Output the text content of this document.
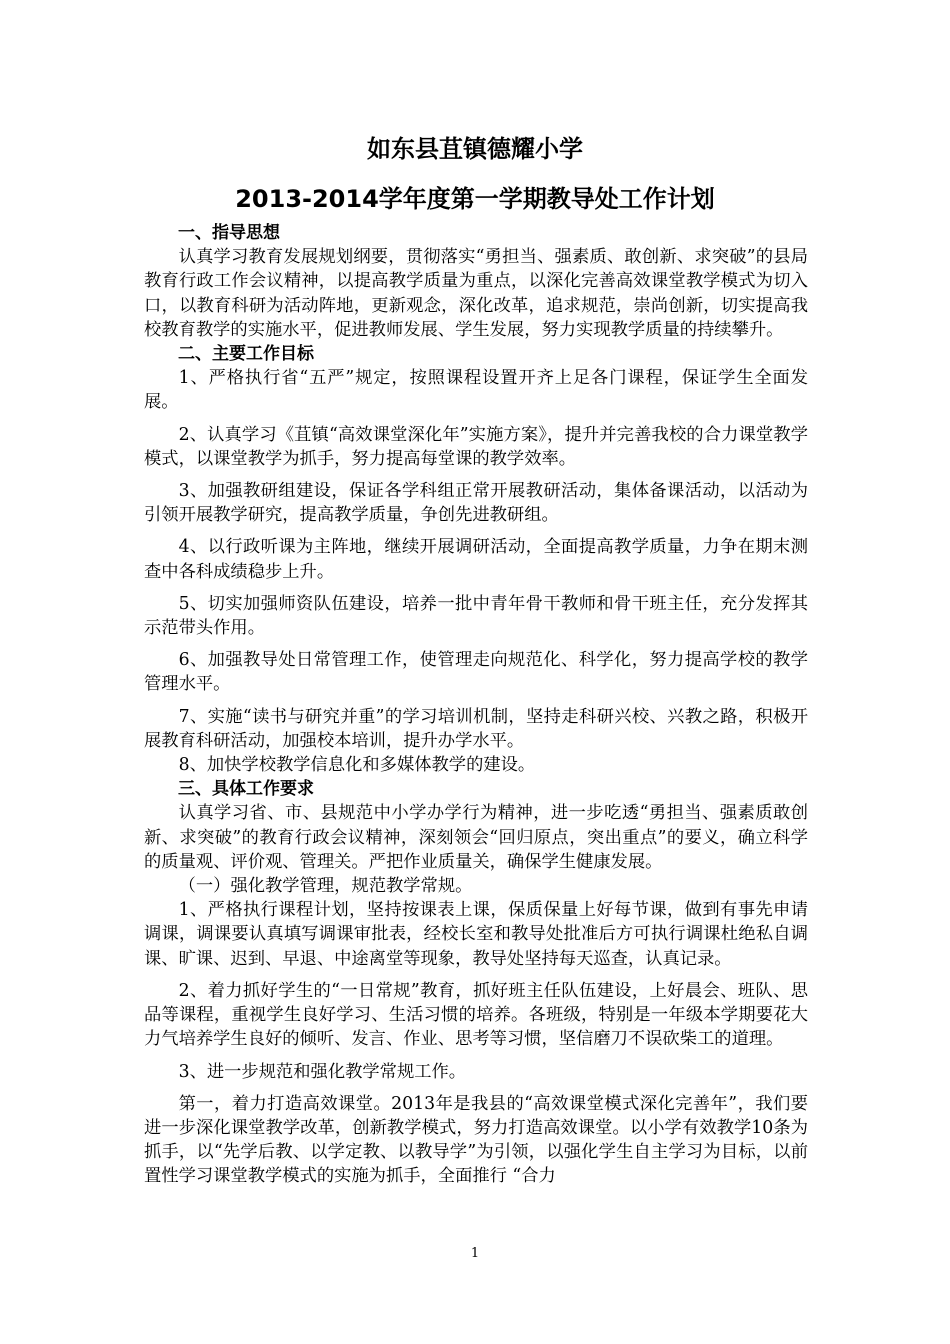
如东县苴镇德耀小学
2013-2014学年度第一学期教导处工作计划
一、指导思想

认真学习教育发展规划纲要，贯彻落实“勇担当、强素质、敢创新、求突破”的县局教育行政工作会议精神，以提高教学质量为重点，以深化完善高效课堂教学模式为切入口，以教育科研为活动阵地，更新观念，深化改革，追求规范，崇尚创新，切实提高我校教育教学的实施水平，促进教师发展、学生发展，努力实现教学质量的持续攀升。

二、主要工作目标

1、严格执行省“五严”规定，按照课程设置开齐上足各门课程，保证学生全面发展。

2、认真学习《苴镇“高效课堂深化年”实施方案》，提升并完善我校的合力课堂教学模式，以课堂教学为抓手，努力提高每堂课的教学效率。

3、加强教研组建设，保证各学科组正常开展教研活动，集体备课活动，以活动为引领开展教学研究，提高教学质量，争创先进教研组。

4、以行政听课为主阵地，继续开展调研活动，全面提高教学质量，力争在期末测查中各科成绩稳步上升。

5、切实加强师资队伍建设，培养一批中青年骨干教师和骨干班主任，充分发挥其示范带头作用。

6、加强教导处日常管理工作，使管理走向规范化、科学化，努力提高学校的教学管理水平。

7、实施“读书与研究并重”的学习培训机制，坚持走科研兴校、兴教之路，积极开展教育科研活动，加强校本培训，提升办学水平。

8、加快学校教学信息化和多媒体教学的建设。

三、具体工作要求

认真学习省、市、县规范中小学办学行为精神，进一步吃透“勇担当、强素质敢创新、求突破”的教育行政会议精神，深刻领会“回归原点，突出重点”的要义，确立科学的质量观、评价观、管理关。严把作业质量关，确保学生健康发展。

（一）强化教学管理，规范教学常规。

1、严格执行课程计划，坚持按课表上课，保质保量上好每节课，做到有事先申请调课，调课要认真填写调课审批表，经校长室和教导处批准后方可执行调课杜绝私自调课、旷课、迟到、早退、中途离堂等现象，教导处坚持每天巡查，认真记录。

2、着力抓好学生的“一日常规”教育，抓好班主任队伍建设，上好晨会、班队、思品等课程，重视学生良好学习、生活习惯的培养。各班级，特别是一年级本学期要花大力气培养学生良好的倾听、发言、作业、思考等习惯，坚信磨刀不误砍柴工的道理。

3、进一步规范和强化教学常规工作。

第一，着力打造高效课堂。2013年是我县的“高效课堂模式深化完善年”，我们要进一步深化课堂教学改革，创新教学模式，努力打造高效课堂。以小学有效教学10条为抓手，以“先学后教、以学定教、以教导学”为引领，以强化学生自主学习为目标，以前置性学习课堂教学模式的实施为抓手，全面推行 “合力

1
